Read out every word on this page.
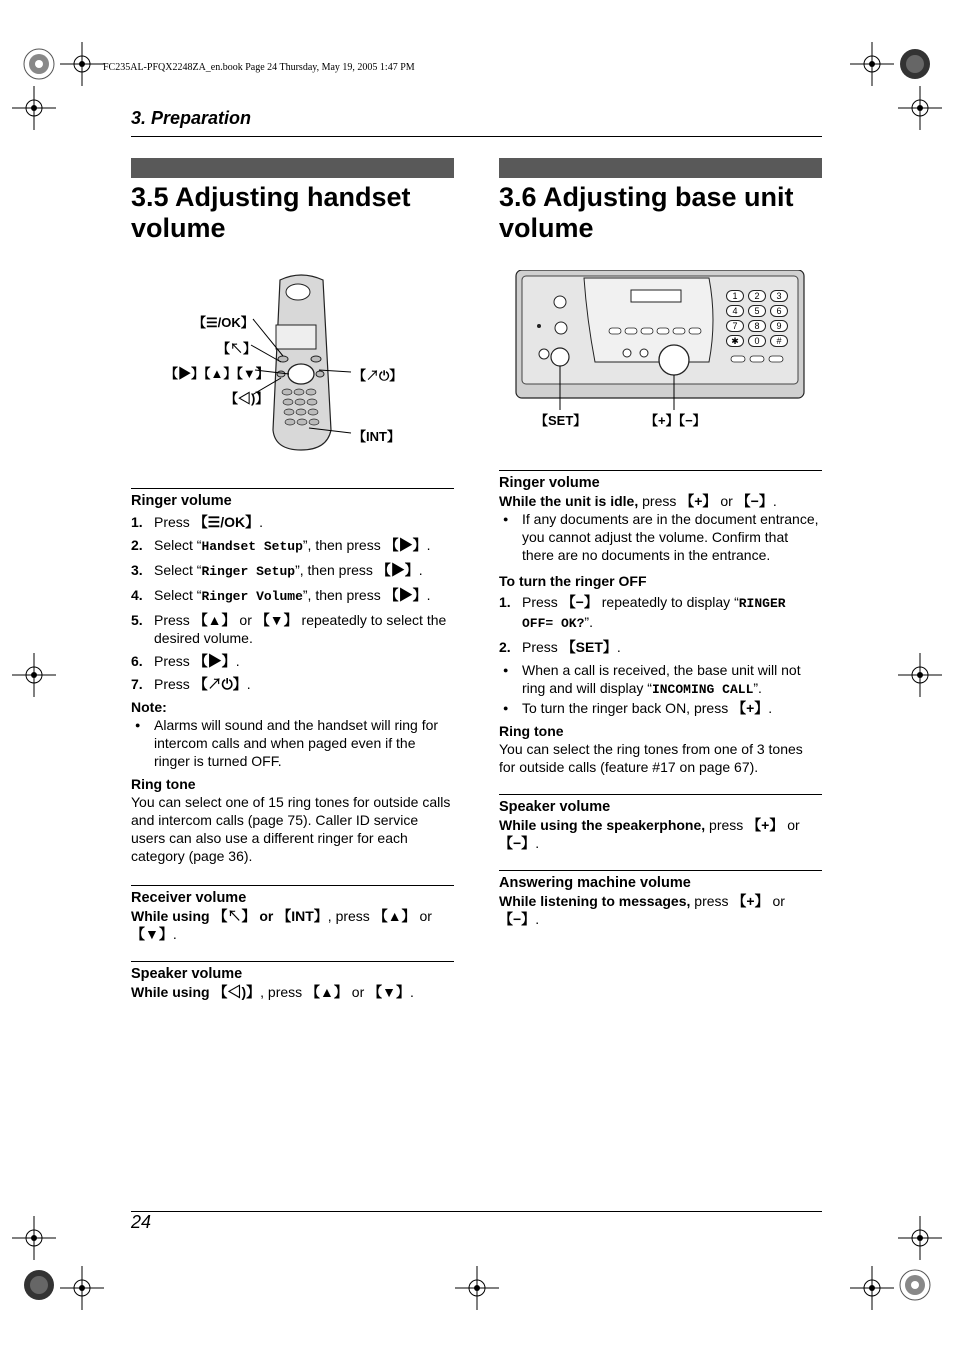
FC235AL-PFQX2248ZA_en.book Page 24 Thursday, May 19, 2005 1:47 PM
3. Preparation
3.5 Adjusting handset volume
【☰/OK】
【↖】
【▶】【▲】【▼】
【◁)】
【↗⏻】
【INT】
Ringer volume
1. Press 【☰/OK】.
2. Select “Handset Setup”, then press 【▶】.
3. Select “Ringer Setup”, then press 【▶】.
4. Select “Ringer Volume”, then press 【▶】.
5. Press 【▲】 or 【▼】 repeatedly to select the desired volume.
6. Press 【▶】.
7. Press 【↗⏻】.
Note:
● Alarms will sound and the handset will ring for intercom calls and when paged even if the ringer is turned OFF.
Ring tone

You can select one of 15 ring tones for outside calls and intercom calls (page 75). Caller ID service users can also use a different ringer for each category (page 36).

Receiver volume

While using 【↖】 or 【INT】, press 【▲】 or 【▼】.

Speaker volume

While using 【◁)】, press 【▲】 or 【▼】.

3.6 Adjusting base unit volume
1	2	3
4	5	6
7	8	9
✱	0	#
【SET】	【+】【−】
Ringer volume

While the unit is idle, press 【+】 or 【−】.

● If any documents are in the document entrance, you cannot adjust the volume. Confirm that there are no documents in the entrance.
To turn the ringer OFF
1. Press 【−】 repeatedly to display “RINGER OFF= OK?”.
2. Press 【SET】.
● When a call is received, the base unit will not ring and will display “INCOMING CALL”.
● To turn the ringer back ON, press 【+】.
Ring tone

You can select the ring tones from one of 3 tones for outside calls (feature #17 on page 67).

Speaker volume

While using the speakerphone, press 【+】 or 【−】.

Answering machine volume

While listening to messages, press 【+】 or 【−】.

24
